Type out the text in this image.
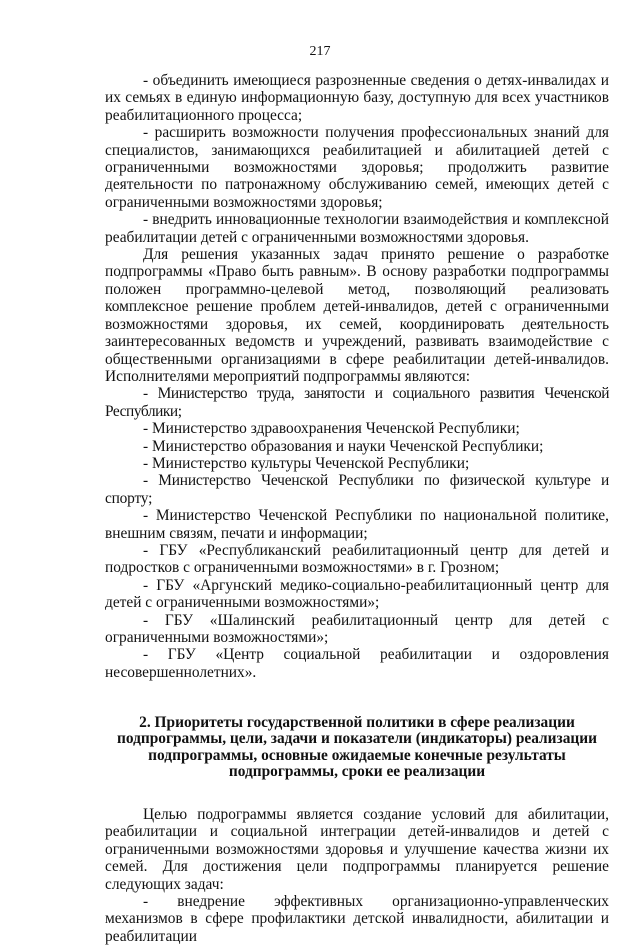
217

- объединить имеющиеся разрозненные сведения о детях-инвалидах и их семьях в единую информационную базу, доступную для всех участников реабилитационного процесса;

- расширить возможности получения профессиональных знаний для специалистов, занимающихся реабилитацией и абилитацией детей с ограниченными возможностями здоровья; продолжить развитие деятельности по патронажному обслуживанию семей, имеющих детей с ограниченными возможностями здоровья;

- внедрить инновационные технологии взаимодействия и комплексной реабилитации детей с ограниченными возможностями здоровья.

Для решения указанных задач принято решение о разработке подпрограммы «Право быть равным». В основу разработки подпрограммы положен программно-целевой метод, позволяющий реализовать комплексное решение проблем детей-инвалидов, детей с ограниченными возможностями здоровья, их семей, координировать деятельность заинтересованных ведомств и учреждений, развивать взаимодействие с общественными организациями в сфере реабилитации детей-инвалидов. Исполнителями мероприятий подпрограммы являются:

- Министерство труда, занятости и социального развития Чеченской Республики;

- Министерство здравоохранения Чеченской Республики;

- Министерство образования и науки Чеченской Республики;

- Министерство культуры Чеченской Республики;

- Министерство Чеченской Республики по физической культуре и спорту;

- Министерство Чеченской Республики по национальной политике, внешним связям, печати и информации;

- ГБУ «Республиканский реабилитационный центр для детей и подростков с ограниченными возможностями» в г. Грозном;

- ГБУ «Аргунский медико-социально-реабилитационный центр для детей с ограниченными возможностями»;

- ГБУ «Шалинский реабилитационный центр для детей с ограниченными возможностями»;

- ГБУ «Центр социальной реабилитации и оздоровления несовершеннолетних».

2. Приоритеты государственной политики в сфере реализации
подпрограммы, цели, задачи и показатели (индикаторы) реализации
подпрограммы, основные ожидаемые конечные результаты
подпрограммы, сроки ее реализации

Целью подрограммы является создание условий для абилитации, реабилитации и социальной интеграции детей-инвалидов и детей с ограниченными возможностями здоровья и улучшение качества жизни их семей. Для достижения цели подпрограммы планируется решение следующих задач:

- внедрение эффективных организационно-управленческих механизмов в сфере профилактики детской инвалидности, абилитации и реабилитации
